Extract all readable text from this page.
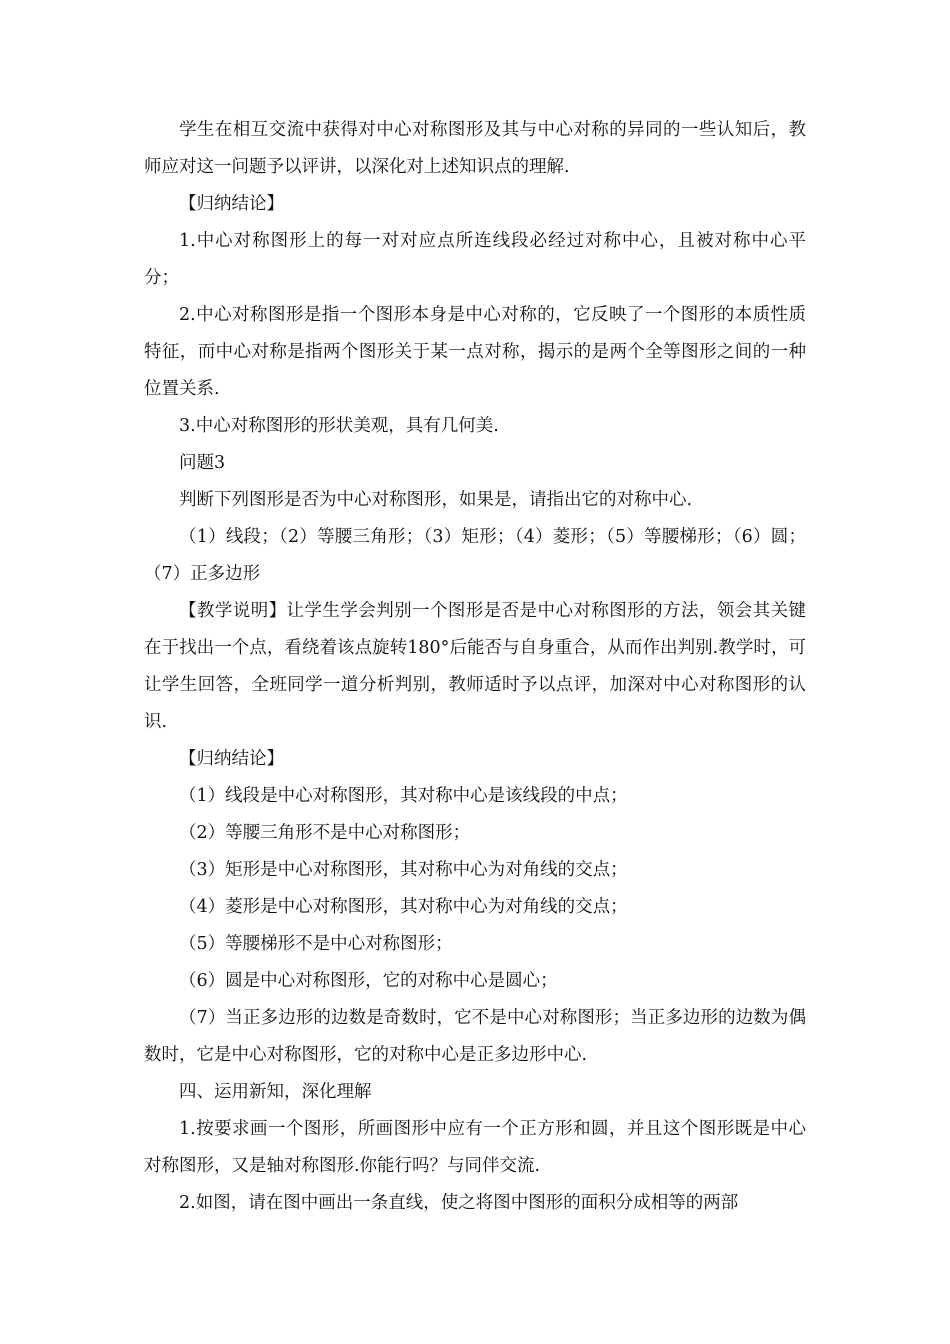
学生在相互交流中获得对中心对称图形及其与中心对称的异同的一些认知后，教师应对这一问题予以评讲，以深化对上述知识点的理解.

【归纳结论】

1.中心对称图形上的每一对对应点所连线段必经过对称中心，且被对称中心平分；

2.中心对称图形是指一个图形本身是中心对称的，它反映了一个图形的本质性质特征，而中心对称是指两个图形关于某一点对称，揭示的是两个全等图形之间的一种位置关系.

3.中心对称图形的形状美观，具有几何美.

问题3

判断下列图形是否为中心对称图形，如果是，请指出它的对称中心.

（1）线段；（2）等腰三角形；（3）矩形；（4）菱形；（5）等腰梯形；（6）圆；（7）正多边形

【教学说明】让学生学会判别一个图形是否是中心对称图形的方法，领会其关键在于找出一个点，看绕着该点旋转180°后能否与自身重合，从而作出判别.教学时，可让学生回答，全班同学一道分析判别，教师适时予以点评，加深对中心对称图形的认识.

【归纳结论】

（1）线段是中心对称图形，其对称中心是该线段的中点；

（2）等腰三角形不是中心对称图形；

（3）矩形是中心对称图形，其对称中心为对角线的交点；

（4）菱形是中心对称图形，其对称中心为对角线的交点；

（5）等腰梯形不是中心对称图形；

（6）圆是中心对称图形，它的对称中心是圆心；

（7）当正多边形的边数是奇数时，它不是中心对称图形；当正多边形的边数为偶数时，它是中心对称图形，它的对称中心是正多边形中心.

四、运用新知，深化理解

1.按要求画一个图形，所画图形中应有一个正方形和圆，并且这个图形既是中心对称图形，又是轴对称图形.你能行吗？与同伴交流.

2.如图，请在图中画出一条直线，使之将图中图形的面积分成相等的两部
